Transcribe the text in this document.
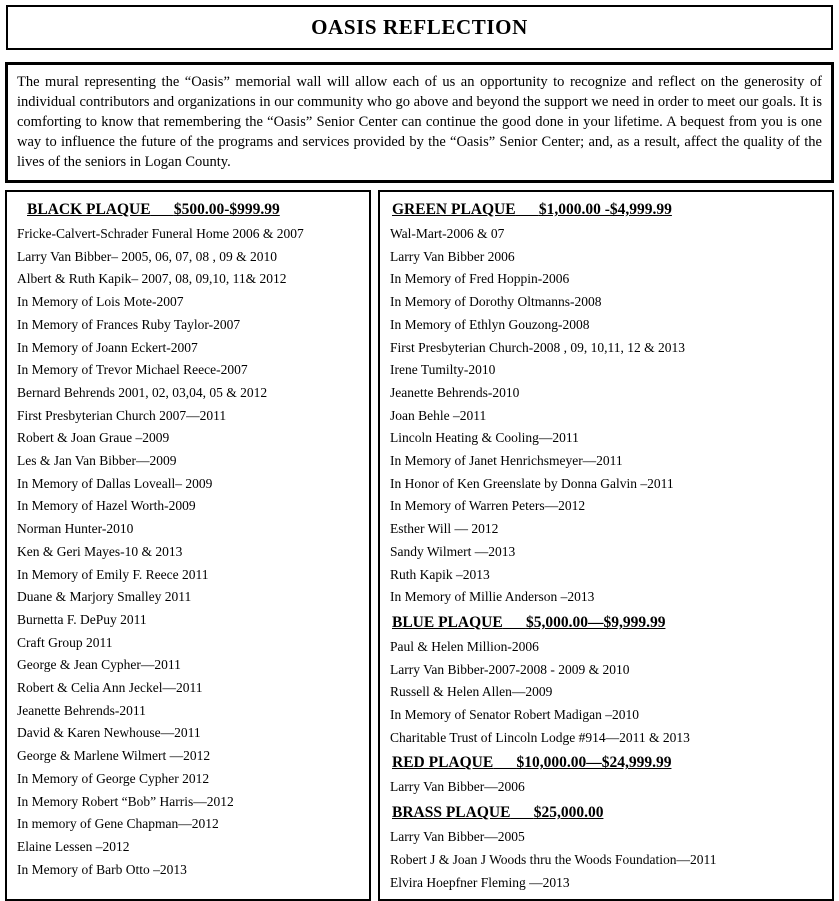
OASIS REFLECTION

The mural representing the “Oasis” memorial wall will allow each of us an opportunity to recognize and reflect on the generosity of individual contributors and organizations in our community who go above and beyond the support we need in order to meet our goals. It is comforting to know that remembering the “Oasis” Senior Center can continue the good done in your lifetime. A bequest from you is one way to influence the future of the programs and services provided by the “Oasis” Senior Center; and, as a result, affect the quality of the lives of the seniors in Logan County.

BLACK PLAQUE $500.00-$999.99
Fricke-Calvert-Schrader Funeral Home 2006 & 2007
Larry Van Bibber– 2005, 06, 07, 08 , 09 & 2010
Albert & Ruth Kapik– 2007, 08, 09,10, 11& 2012
In Memory of Lois Mote-2007
In Memory of Frances Ruby Taylor-2007
In Memory of Joann Eckert-2007
In Memory of Trevor Michael Reece-2007
Bernard Behrends 2001, 02, 03,04, 05 & 2012
First Presbyterian Church 2007—2011
Robert & Joan Graue –2009
Les & Jan Van Bibber—2009
In Memory of Dallas Loveall– 2009
In Memory of Hazel Worth-2009
Norman Hunter-2010
Ken & Geri Mayes-10 & 2013
In Memory of Emily F. Reece 2011
Duane & Marjory Smalley 2011
Burnetta F. DePuy 2011
Craft Group 2011
George & Jean Cypher—2011
Robert & Celia Ann Jeckel—2011
Jeanette Behrends-2011
David & Karen Newhouse—2011
George & Marlene Wilmert —2012
In Memory of George Cypher 2012
In Memory Robert “Bob” Harris—2012
In memory of Gene Chapman—2012
Elaine Lessen –2012
In Memory of Barb Otto –2013
GREEN PLAQUE $1,000.00 -$4,999.99
Wal-Mart-2006 & 07
Larry Van Bibber 2006
In Memory of Fred Hoppin-2006
In Memory of Dorothy Oltmanns-2008
In Memory of Ethlyn Gouzong-2008
First Presbyterian Church-2008 , 09, 10,11, 12 & 2013
Irene Tumilty-2010
Jeanette Behrends-2010
Joan Behle –2011
Lincoln Heating & Cooling—2011
In Memory of Janet Henrichsmeyer—2011
In Honor of Ken Greenslate by Donna Galvin –2011
In Memory of Warren Peters—2012
Esther Will — 2012
Sandy Wilmert —2013
Ruth Kapik –2013
In Memory of Millie Anderson –2013
BLUE PLAQUE $5,000.00—$9,999.99
Paul & Helen Million-2006
Larry Van Bibber-2007-2008 - 2009 & 2010
Russell & Helen Allen—2009
In Memory of Senator Robert Madigan –2010
Charitable Trust of Lincoln Lodge #914—2011 & 2013
RED PLAQUE $10,000.00—$24,999.99
Larry Van Bibber—2006
BRASS PLAQUE $25,000.00
Larry Van Bibber—2005
Robert J & Joan J Woods thru the Woods Foundation—2011
Elvira Hoepfner Fleming —2013
